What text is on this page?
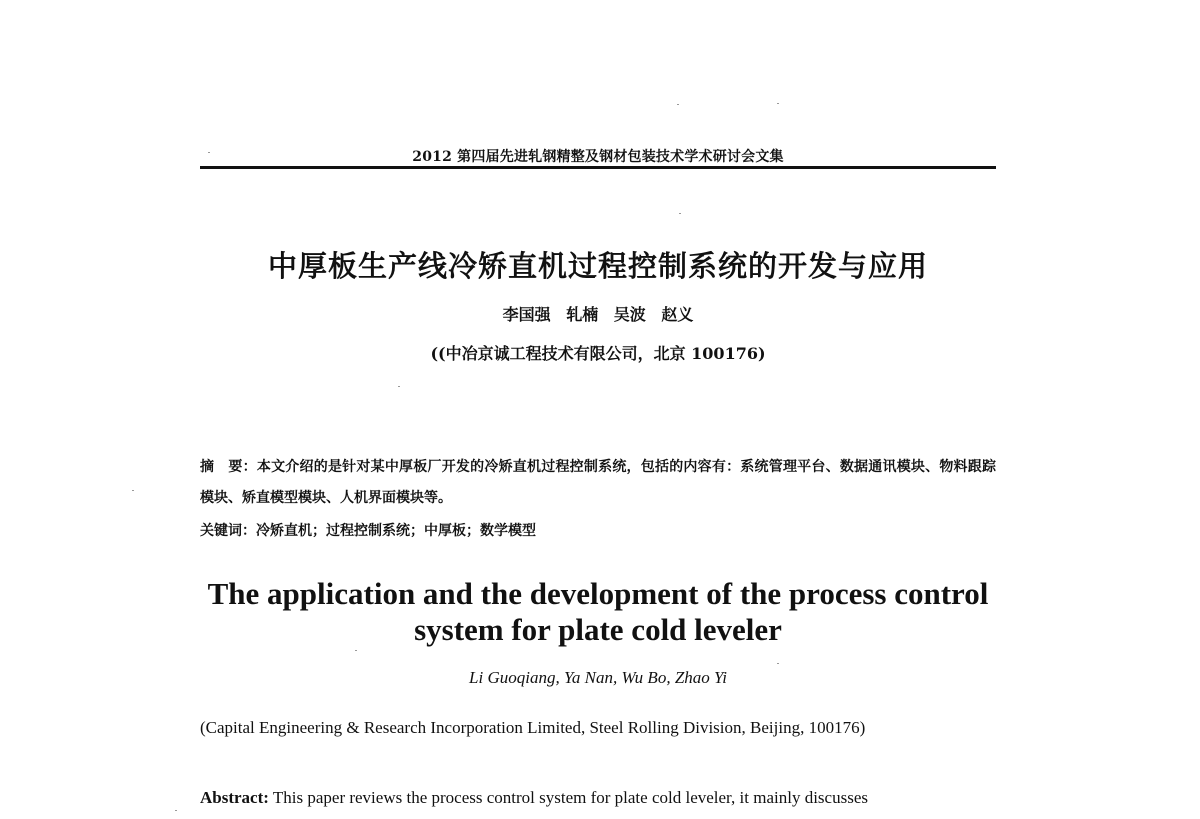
2012 第四届先进轧钢精整及钢材包装技术学术研讨会文集
中厚板生产线冷矫直机过程控制系统的开发与应用
李国强 轧楠 吴波 赵义
((中冶京诚工程技术有限公司，北京 100176)
摘　要：本文介绍的是针对某中厚板厂开发的冷矫直机过程控制系统，包括的内容有：系统管理平台、数据通讯模块、物料跟踪模块、矫直模型模块、人机界面模块等。
关键词：冷矫直机；过程控制系统；中厚板；数学模型
The application and the development of the process control system for plate cold leveler
Li Guoqiang, Ya Nan, Wu Bo, Zhao Yi
(Capital Engineering & Research Incorporation Limited, Steel Rolling Division, Beijing, 100176)
Abstract: This paper reviews the process control system for plate cold leveler, it mainly discusses
